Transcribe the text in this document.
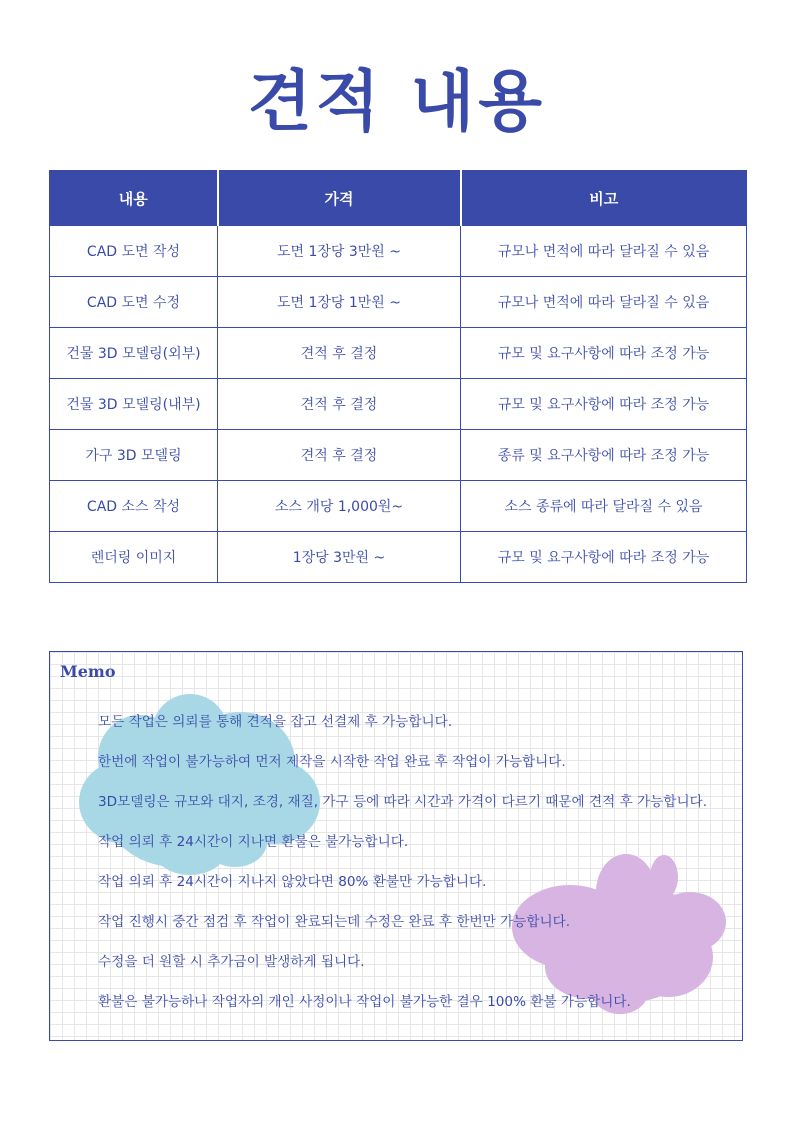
견적 내용
내용	가격	비고
CAD 도면 작성	도면 1장당 3만원 ~	규모나 면적에 따라 달라질 수 있음
CAD 도면 수정	도면 1장당 1만원 ~	규모나 면적에 따라 달라질 수 있음
건물 3D 모델링(외부)	견적 후 결정	규모 및 요구사항에 따라 조정 가능
건물 3D 모델링(내부)	견적 후 결정	규모 및 요구사항에 따라 조정 가능
가구 3D 모델링	견적 후 결정	종류 및 요구사항에 따라 조정 가능
CAD 소스 작성	소스 개당 1,000원~	소스 종류에 따라 달라질 수 있음
렌더링 이미지	1장당 3만원 ~	규모 및 요구사항에 따라 조정 가능
Memo
모든 작업은 의뢰를 통해 견적을 잡고 선결제 후 가능합니다.
한번에 작업이 불가능하여 먼저 제작을 시작한 작업 완료 후 작업이 가능합니다.
3D모델링은 규모와 대지, 조경, 재질, 가구 등에 따라 시간과 가격이 다르기 때문에 견적 후 가능합니다.
작업 의뢰 후 24시간이 지나면 환불은 불가능합니다.
작업 의뢰 후 24시간이 지나지 않았다면 80% 환불만 가능합니다.
작업 진행시 중간 점검 후 작업이 완료되는데 수정은 완료 후 한번만 가능합니다.
수정을 더 원할 시 추가금이 발생하게 됩니다.
환불은 불가능하나 작업자의 개인 사정이나 작업이 불가능한 결우 100% 환불 가능합니다.
